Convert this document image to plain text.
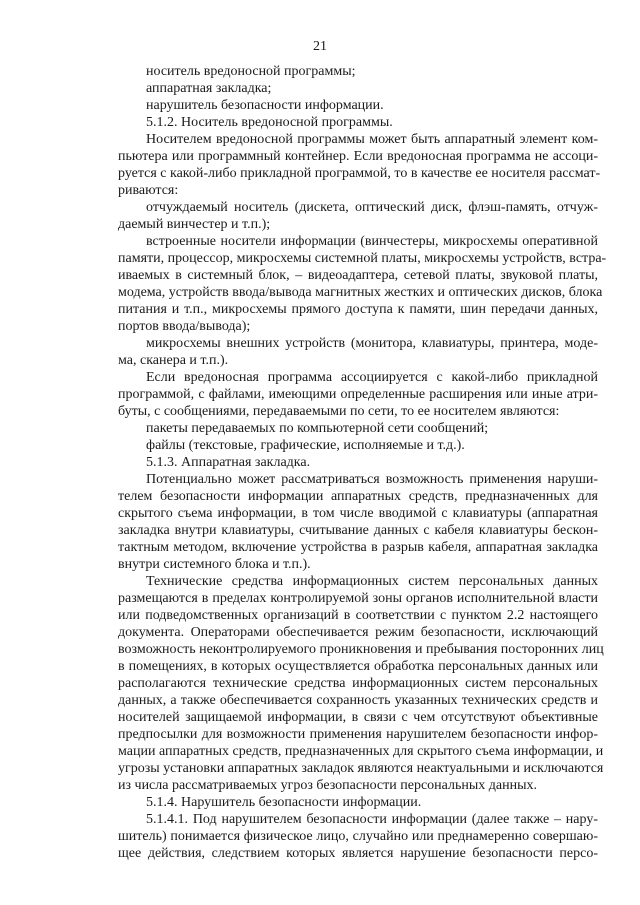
21
носитель вредоносной программы;
аппаратная закладка;
нарушитель безопасности информации.
5.1.2. Носитель вредоносной программы.
Носителем вредоносной программы может быть аппаратный элемент ком-
пьютера или программный контейнер. Если вредоносная программа не ассоци-
руется с какой-либо прикладной программой, то в качестве ее носителя рассмат-
риваются:
отчуждаемый носитель (дискета, оптический диск, флэш-память, отчуж-
даемый винчестер и т.п.);
встроенные носители информации (винчестеры, микросхемы оперативной
памяти, процессор, микросхемы системной платы, микросхемы устройств, встра-
иваемых в системный блок, – видеоадаптера, сетевой платы, звуковой платы,
модема, устройств ввода/вывода магнитных жестких и оптических дисков, блока
питания и т.п., микросхемы прямого доступа к памяти, шин передачи данных,
портов ввода/вывода);
микросхемы внешних устройств (монитора, клавиатуры, принтера, моде-
ма, сканера и т.п.).
Если вредоносная программа ассоциируется с какой-либо прикладной
программой, с файлами, имеющими определенные расширения или иные атри-
буты, с сообщениями, передаваемыми по сети, то ее носителем являются:
пакеты передаваемых по компьютерной сети сообщений;
файлы (текстовые, графические, исполняемые и т.д.).
5.1.3. Аппаратная закладка.
Потенциально может рассматриваться возможность применения наруши-
телем безопасности информации аппаратных средств, предназначенных для
скрытого съема информации, в том числе вводимой с клавиатуры (аппаратная
закладка внутри клавиатуры, считывание данных с кабеля клавиатуры бескон-
тактным методом, включение устройства в разрыв кабеля, аппаратная закладка
внутри системного блока и т.п.).
Технические средства информационных систем персональных данных
размещаются в пределах контролируемой зоны органов исполнительной власти
или подведомственных организаций в соответствии с пунктом 2.2 настоящего
документа. Операторами обеспечивается режим безопасности, исключающий
возможность неконтролируемого проникновения и пребывания посторонних лиц
в помещениях, в которых осуществляется обработка персональных данных или
располагаются технические средства информационных систем персональных
данных, а также обеспечивается сохранность указанных технических средств и
носителей защищаемой информации, в связи с чем отсутствуют объективные
предпосылки для возможности применения нарушителем безопасности инфор-
мации аппаратных средств, предназначенных для скрытого съема информации, и
угрозы установки аппаратных закладок являются неактуальными и исключаются
из числа рассматриваемых угроз безопасности персональных данных.
5.1.4. Нарушитель безопасности информации.
5.1.4.1. Под нарушителем безопасности информации (далее также – нару-
шитель) понимается физическое лицо, случайно или преднамеренно совершаю-
щее действия, следствием которых является нарушение безопасности персо-
